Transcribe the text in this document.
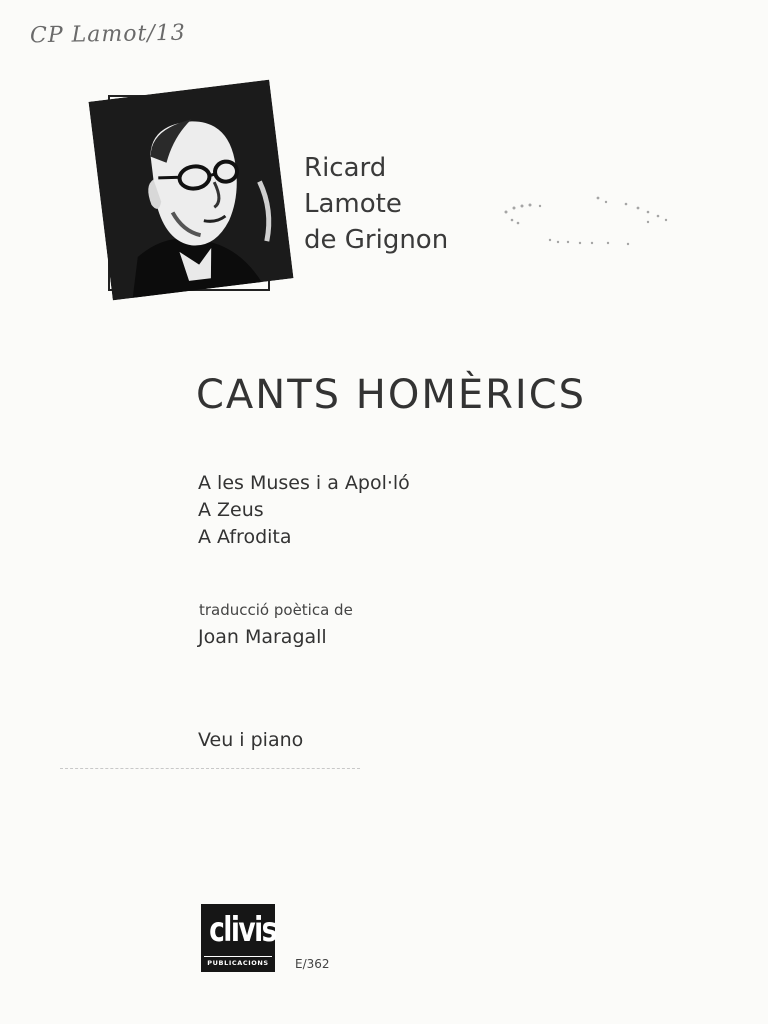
CP Lamot/13
Ricard
Lamote
de Grignon
CANTS HOMÈRICS
A les Muses i a Apol·ló
A Zeus
A Afrodita
traducció poètica de
Joan Maragall
Veu i piano
clivis
PUBLICACIONS E/362
